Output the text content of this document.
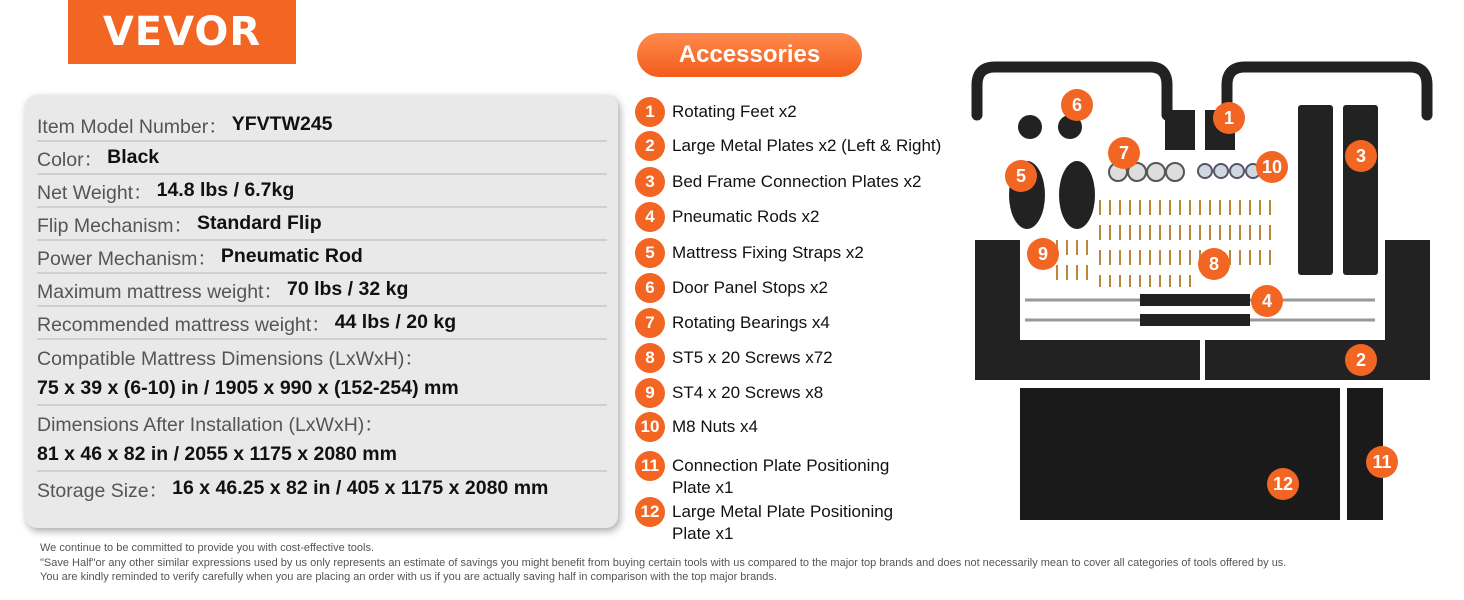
VEVOR
Item Model Number： YFVTW245
Color： Black
Net Weight： 14.8 lbs / 6.7kg
Flip Mechanism： Standard Flip
Power Mechanism： Pneumatic Rod
Maximum mattress weight： 70 lbs / 32 kg
Recommended mattress weight： 44 lbs / 20 kg
Compatible Mattress Dimensions (LxWxH)：
75 x 39 x (6-10) in / 1905 x 990 x (152-254) mm
Dimensions After Installation (LxWxH)：
81 x 46 x 82 in / 2055 x 1175 x 2080 mm
Storage Size： 16 x 46.25 x 82 in / 405 x 1175 x 2080 mm
Accessories
1	Rotating Feet x2
2	Large Metal Plates x2 (Left & Right)
3	Bed Frame Connection Plates x2
4	Pneumatic Rods x2
5	Mattress Fixing Straps x2
6	Door Panel Stops x2
7	Rotating Bearings x4
8	ST5 x 20 Screws x72
9	ST4 x 20 Screws x8
10 M8 Nuts x4
11 Connection Plate Positioning Plate x1
12 Large Metal Plate Positioning Plate x1
1
2
3
4
5
6
7
8
9
10
11
12
We continue to be committed to provide you with cost-effective tools.
"Save Half"or any other similar expressions used by us only represents an estimate of savings you might benefit from buying certain tools with us compared to the major top brands and does not necessarily mean to cover all categories of tools offered by us.
You are kindly reminded to verify carefully when you are placing an order with us if you are actually saving half in comparison with the top major brands.
